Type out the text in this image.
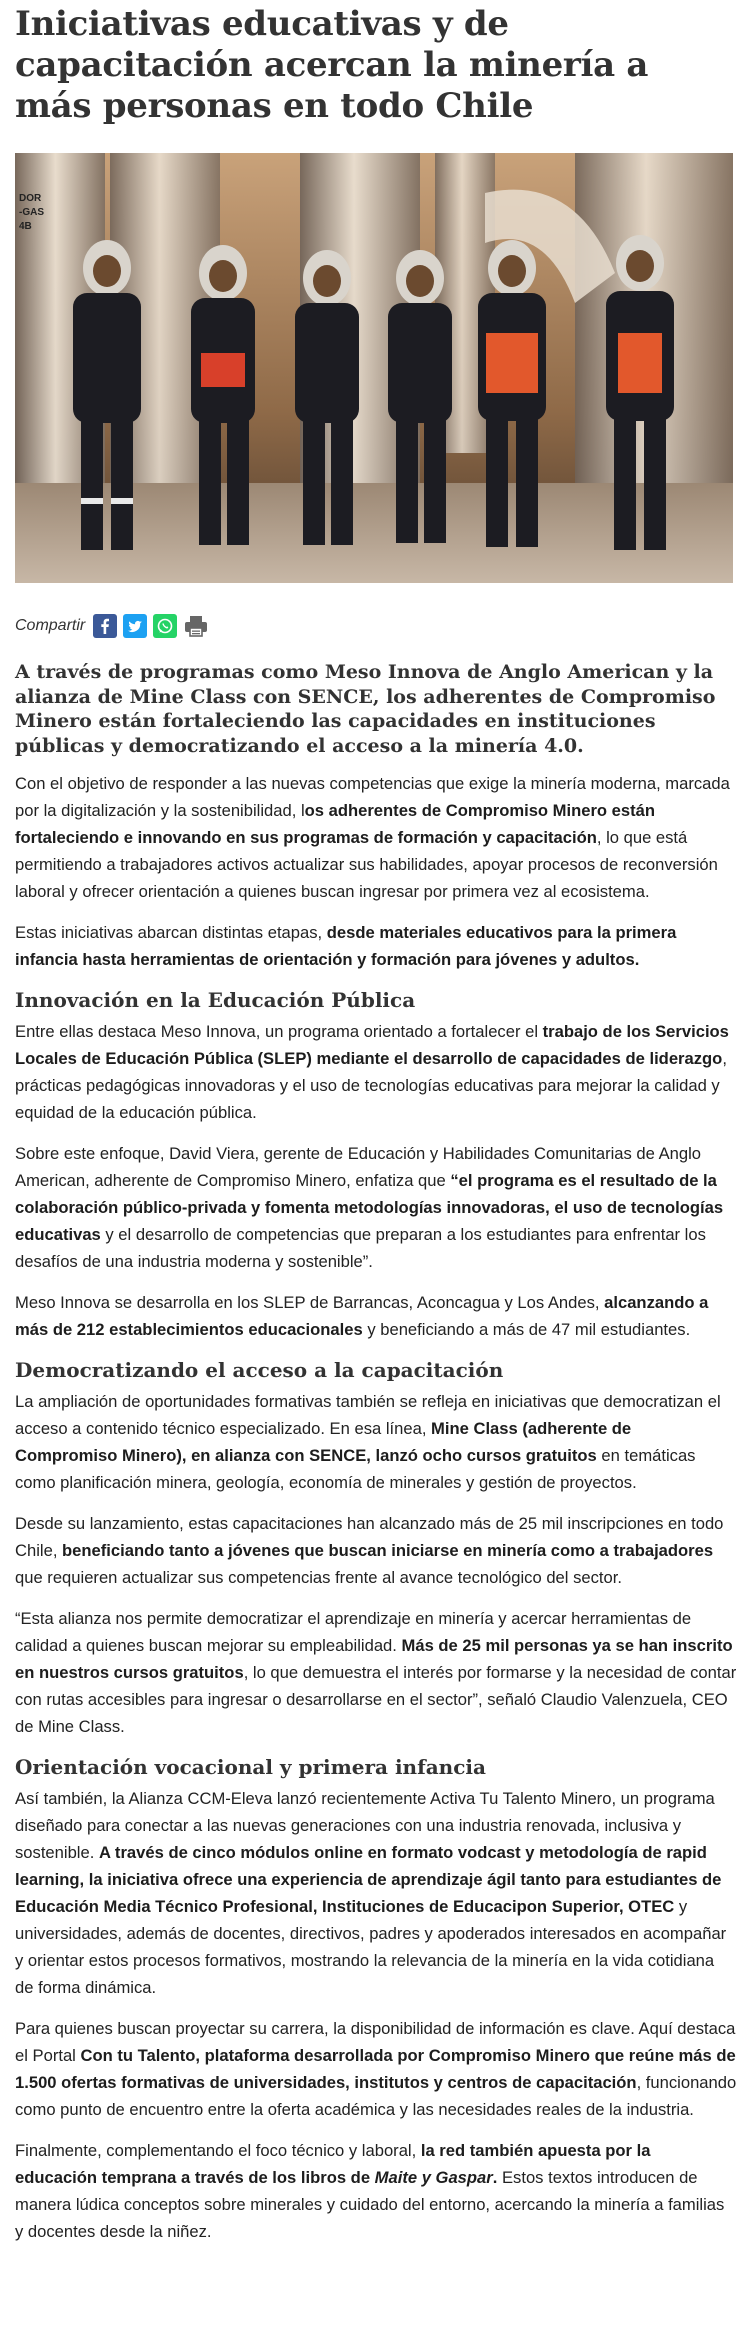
Iniciativas educativas y de capacitación acercan la minería a más personas en todo Chile
DOR
-GAS
4B
Compartir

A través de programas como Meso Innova de Anglo American y la alianza de Mine Class con SENCE, los adherentes de Compromiso Minero están fortaleciendo las capacidades en instituciones públicas y democratizando el acceso a la minería 4.0.

Con el objetivo de responder a las nuevas competencias que exige la minería moderna, marcada por la digitalización y la sostenibilidad, los adherentes de Compromiso Minero están fortaleciendo e innovando en sus programas de formación y capacitación, lo que está permitiendo a trabajadores activos actualizar sus habilidades, apoyar procesos de reconversión laboral y ofrecer orientación a quienes buscan ingresar por primera vez al ecosistema.

Estas iniciativas abarcan distintas etapas, desde materiales educativos para la primera infancia hasta herramientas de orientación y formación para jóvenes y adultos.

Innovación en la Educación Pública

Entre ellas destaca Meso Innova, un programa orientado a fortalecer el trabajo de los Servicios Locales de Educación Pública (SLEP) mediante el desarrollo de capacidades de liderazgo, prácticas pedagógicas innovadoras y el uso de tecnologías educativas para mejorar la calidad y equidad de la educación pública.

Sobre este enfoque, David Viera, gerente de Educación y Habilidades Comunitarias de Anglo American, adherente de Compromiso Minero, enfatiza que “el programa es el resultado de la colaboración público-privada y fomenta metodologías innovadoras, el uso de tecnologías educativas y el desarrollo de competencias que preparan a los estudiantes para enfrentar los desafíos de una industria moderna y sostenible”.

Meso Innova se desarrolla en los SLEP de Barrancas, Aconcagua y Los Andes, alcanzando a más de 212 establecimientos educacionales y beneficiando a más de 47 mil estudiantes.

Democratizando el acceso a la capacitación

La ampliación de oportunidades formativas también se refleja en iniciativas que democratizan el acceso a contenido técnico especializado. En esa línea, Mine Class (adherente de Compromiso Minero), en alianza con SENCE, lanzó ocho cursos gratuitos en temáticas como planificación minera, geología, economía de minerales y gestión de proyectos.

Desde su lanzamiento, estas capacitaciones han alcanzado más de 25 mil inscripciones en todo Chile, beneficiando tanto a jóvenes que buscan iniciarse en minería como a trabajadores que requieren actualizar sus competencias frente al avance tecnológico del sector.

“Esta alianza nos permite democratizar el aprendizaje en minería y acercar herramientas de calidad a quienes buscan mejorar su empleabilidad. Más de 25 mil personas ya se han inscrito en nuestros cursos gratuitos, lo que demuestra el interés por formarse y la necesidad de contar con rutas accesibles para ingresar o desarrollarse en el sector”, señaló Claudio Valenzuela, CEO de Mine Class.

Orientación vocacional y primera infancia

Así también, la Alianza CCM-Eleva lanzó recientemente Activa Tu Talento Minero, un programa diseñado para conectar a las nuevas generaciones con una industria renovada, inclusiva y sostenible. A través de cinco módulos online en formato vodcast y metodología de rapid learning, la iniciativa ofrece una experiencia de aprendizaje ágil tanto para estudiantes de Educación Media Técnico Profesional, Instituciones de Educacipon Superior, OTEC y universidades, además de docentes, directivos, padres y apoderados interesados en acompañar y orientar estos procesos formativos, mostrando la relevancia de la minería en la vida cotidiana de forma dinámica.

Para quienes buscan proyectar su carrera, la disponibilidad de información es clave. Aquí destaca el Portal Con tu Talento, plataforma desarrollada por Compromiso Minero que reúne más de 1.500 ofertas formativas de universidades, institutos y centros de capacitación, funcionando como punto de encuentro entre la oferta académica y las necesidades reales de la industria.

Finalmente, complementando el foco técnico y laboral, la red también apuesta por la educación temprana a través de los libros de Maite y Gaspar. Estos textos introducen de manera lúdica conceptos sobre minerales y cuidado del entorno, acercando la minería a familias y docentes desde la niñez.
